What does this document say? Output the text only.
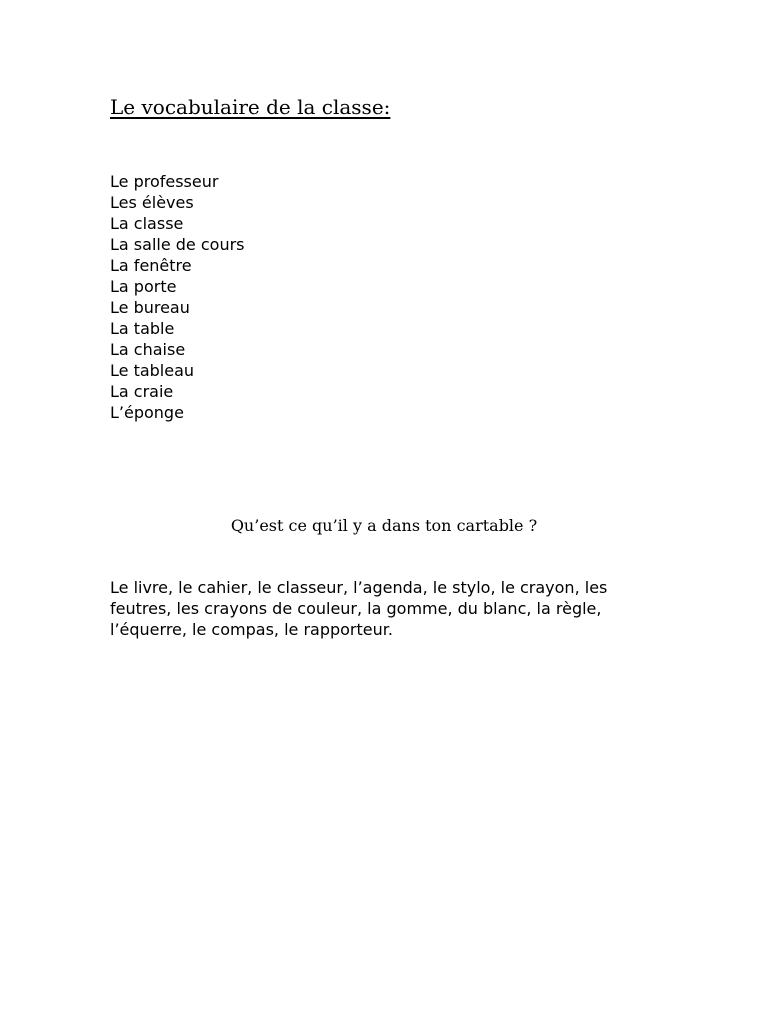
Le vocabulaire de la classe:
Le professeur
Les élèves
La classe
La salle de cours
La fenêtre
La porte
Le bureau
La table
La chaise
Le tableau
La craie
L’éponge
Qu’est ce qu’il y a dans ton cartable ?

Le livre, le cahier, le classeur, l’agenda, le stylo, le crayon, les feutres, les crayons de couleur, la gomme, du blanc, la règle, l’équerre, le compas, le rapporteur.
